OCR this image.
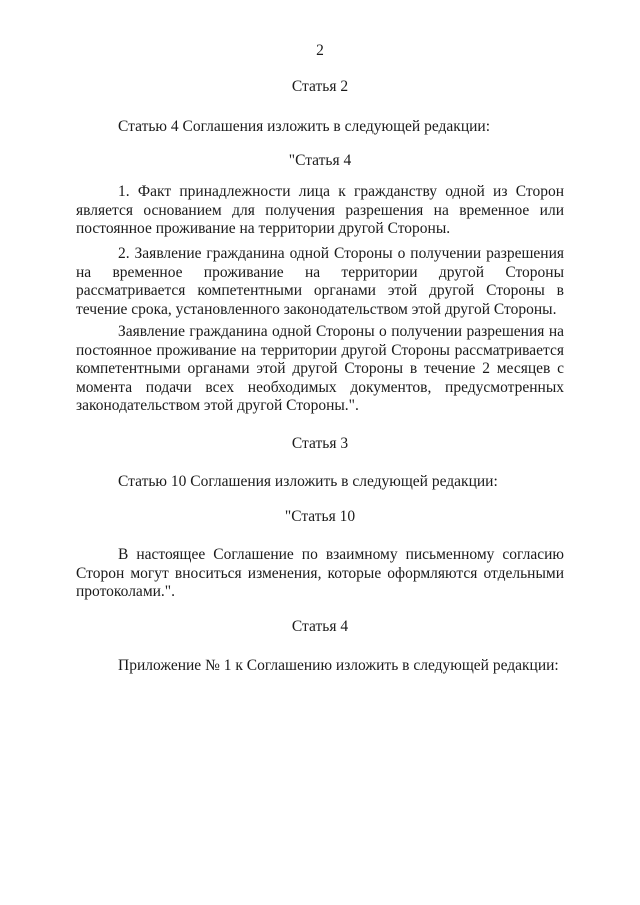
2
Статья 2

Статью 4 Соглашения изложить в следующей редакции:

"Статья 4

1. Факт принадлежности лица к гражданству одной из Сторон является основанием для получения разрешения на временное или постоянное проживание на территории другой Стороны.

2. Заявление гражданина одной Стороны о получении разрешения на временное проживание на территории другой Стороны рассматривается компетентными органами этой другой Стороны в течение срока, установленного законодательством этой другой Стороны.

Заявление гражданина одной Стороны о получении разрешения на постоянное проживание на территории другой Стороны рассматривается компетентными органами этой другой Стороны в течение 2 месяцев с момента подачи всех необходимых документов, предусмотренных законодательством этой другой Стороны.".

Статья 3

Статью 10 Соглашения изложить в следующей редакции:

"Статья 10

В настоящее Соглашение по взаимному письменному согласию Сторон могут вноситься изменения, которые оформляются отдельными протоколами.".

Статья 4

Приложение № 1 к Соглашению изложить в следующей редакции:
